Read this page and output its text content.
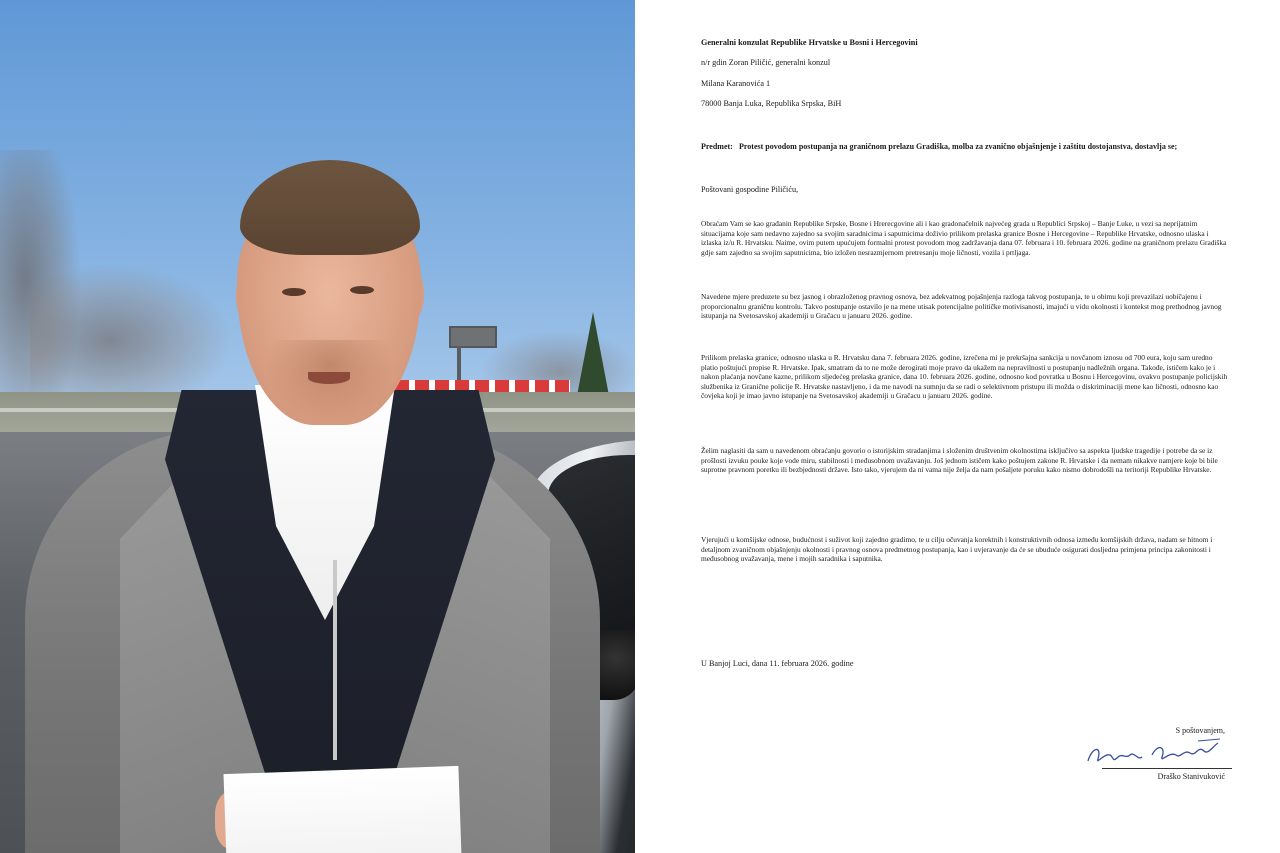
Generalni konzulat Republike Hrvatske u Bosni i Hercegovini
n/r gdin Zoran Piličić, generalni konzul
Milana Karanovića 1
78000 Banja Luka, Republika Srpska, BiH
Predmet: Protest povodom postupanja na graničnom prelazu Gradiška, molba za zvanično objašnjenje i zaštitu dostojanstva, dostavlja se;
Poštovani gospodine Piličiću,

Obraćam Vam se kao građanin Republike Srpske, Bosne i Hrerecgovine ali i kao gradonačelnik najvećeg grada u Republici Srpskoj – Banje Luke, u vezi sa neprijatnim situacijama koje sam nedavno zajedno sa svojim saradnicima i saputnicima doživio prilikom prelaska granice Bosne i Hercegovine – Republike Hrvatske, odnosno ulaska i izlaska iz/u R. Hrvatsku. Naime, ovim putem upućujem formalni protest povodom mog zadržavanja dana 07. februara i 10. februara 2026. godine na graničnom prelazu Gradiška gdje sam zajedno sa svojim saputnicima, bio izložen nesrazmjernom pretresanju moje ličnosti, vozila i prtljaga.

Navedene mjere preduzete su bez jasnog i obrazloženog pravnog osnova, bez adekvatnog pojašnjenja razloga takvog postupanja, te u obimu koji prevazilazi uobičajenu i proporcionalnu graničnu kontrolu. Takvo postupanje ostavilo je na mene utisak potencijalne političke motivisanosti, imajući u vidu okolnosti i kontekst mog prethodnog javnog istupanja na Svetosavskoj akademiji u Gračacu u januaru 2026. godine.

Prilikom prelaska granice, odnosno ulaska u R. Hrvatsku dana 7. februara 2026. godine, izrečena mi je prekršajna sankcija u novčanom iznosu od 700 eura, koju sam uredno platio poštujući propise R. Hrvatske. Ipak, smatram da to ne može derogirati moje pravo da ukažem na nepravilnosti u postupanju nadležnih organa. Takođe, ističem kako je i nakon plaćanja novčane kazne, prilikom sljedećeg prelaska granice, dana 10. februara 2026. godine, odnosno kod povratka u Bosnu i Hercegovinu, ovakvo postupanje policijskih službenika iz Granične policije R. Hrvatske nastavljeno, i da me navodi na sumnju da se radi o selektivnom pristupu ili možda o diskriminaciji mene kao ličnosti, odnosno kao čovjeka koji je imao javno istupanje na Svetosavskoj akademiji u Gračacu u januaru 2026. godine.

Želim naglasiti da sam u navedenom obraćanju govorio o istorijskim stradanjima i složenim društvenim okolnostima isključivo sa aspekta ljudske tragedije i potrebe da se iz prošlosti izvuku pouke koje vode miru, stabilnosti i međusobnom uvažavanju. Još jednom ističem kako poštujem zakone R. Hrvatske i da nemam nikakve namjere koje bi bile suprotne pravnom poretku ili bezbjednosti države. Isto tako, vjerujem da ni vama nije želja da nam pošaljete poruku kako nismo dobrodošli na teritoriji Republike Hrvatske.

Vjerujući u komšijske odnose, budućnost i suživot koji zajedno gradimo, te u cilju očuvanja korektnih i konstruktivnih odnosa između komšijskih država, nadam se hitnom i detaljnom zvaničnom objašnjenju okolnosti i pravnog osnova predmetnog postupanja, kao i uvjeravanje da će se ubuduće osigurati dosljedna primjena principa zakonitosti i međusobnog uvažavanja, mene i mojih saradnika i saputnika.

U Banjoj Luci, dana 11. februara 2026. godine
S poštovanjem,
Draško Stanivuković
